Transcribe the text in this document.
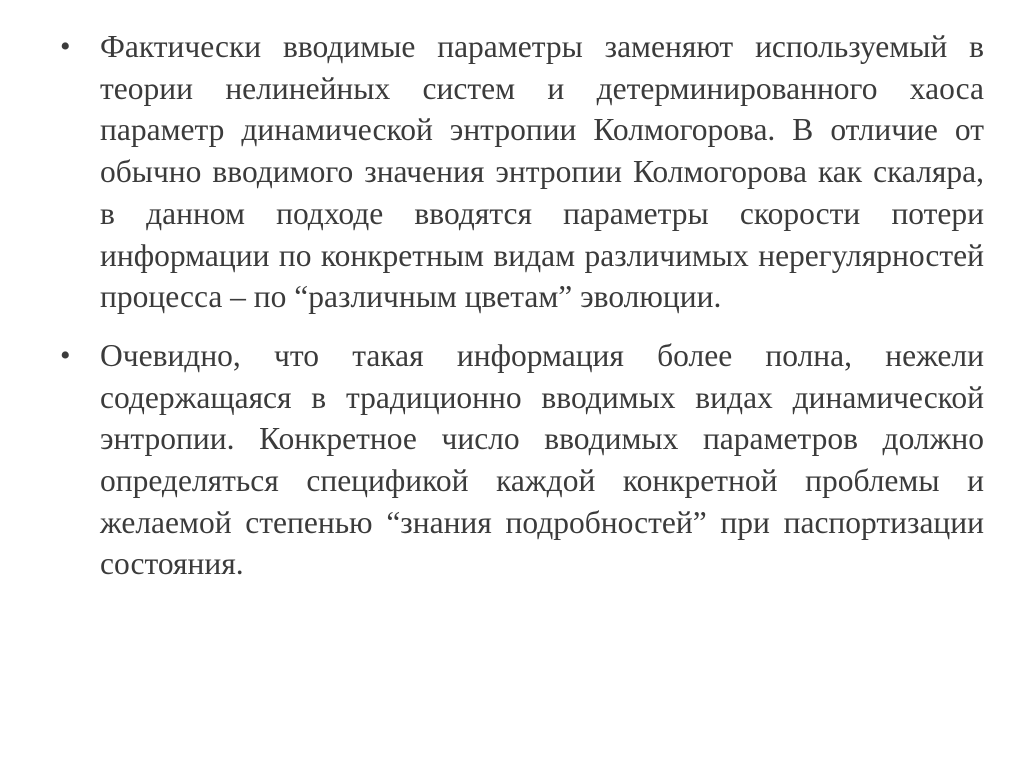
• Фактически вводимые параметры заменяют используемый в теории нелинейных систем и детерминированного хаоса параметр динамической энтропии Колмогорова. В отличие от обычно вводимого значения энтропии Колмогорова как скаляра, в данном подходе вводятся параметры скорости потери информации по конкретным видам различимых нерегулярностей процесса – по “различным цветам” эволюции.
• Очевидно, что такая информация более полна, нежели содержащаяся в традиционно вводимых видах динамической энтропии. Конкретное число вводимых параметров должно определяться спецификой каждой конкретной проблемы и желаемой степенью “знания подробностей” при паспортизации состояния.
